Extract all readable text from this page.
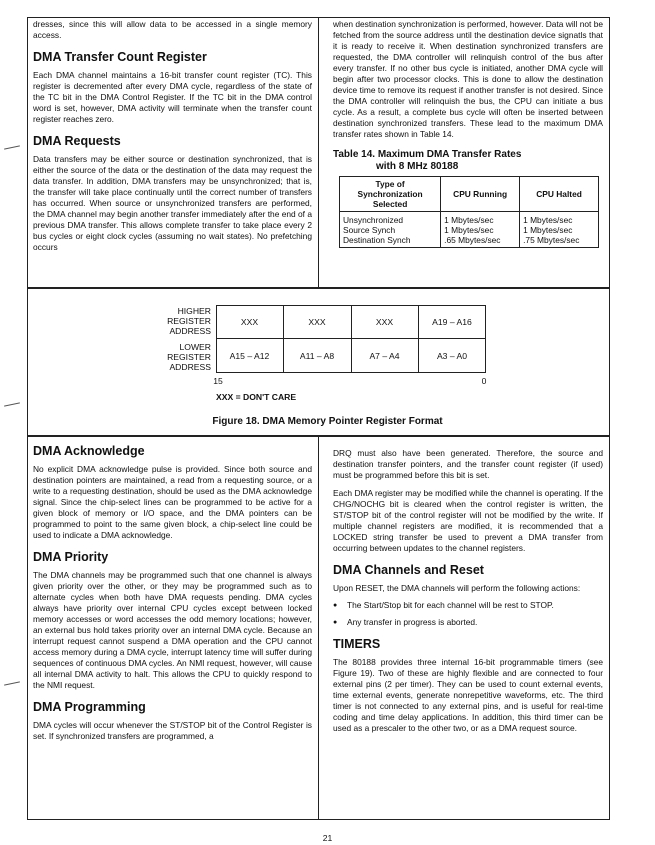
dresses, since this will allow data to be accessed in a single memory access.

DMA Transfer Count Register

Each DMA channel maintains a 16-bit transfer count register (TC). This register is decremented after every DMA cycle, regardless of the state of the TC bit in the DMA Control Register. If the TC bit in the DMA control word is set, however, DMA activity will terminate when the transfer count register reaches zero.

DMA Requests

Data transfers may be either source or destination synchronized, that is either the source of the data or the destination of the data may request the data transfer. In addition, DMA transfers may be unsynchronized; that is, the transfer will take place continually until the correct number of transfers has occurred. When source or unsynchronized transfers are performed, the DMA channel may begin another transfer immediately after the end of a previous DMA transfer. This allows complete transfer to take place every 2 bus cycles or eight clock cycles (assuming no wait states). No prefetching occurs

when destination synchronization is performed, however. Data will not be fetched from the source address until the destination device signatls that it is ready to receive it. When destination synchronized transfers are requested, the DMA controller will relinquish control of the bus after every transfer. If no other bus cycle is initiated, another DMA cycle will begin after two processor clocks. This is done to allow the destination device time to remove its request if another transfer is not desired. Since the DMA controller will relinquish the bus, the CPU can initiate a bus cycle. As a result, a complete bus cycle will often be inserted between destination synchronized transfers. These lead to the maximum DMA transfer rates shown in Table 14.

Table 14. Maximum DMA Transfer Rates
with 8 MHz 80188
Type of Synchronization Selected	CPU Running	CPU Halted
Unsynchronized	1 Mbytes/sec	1 Mbytes/sec
Source Synch	1 Mbytes/sec	1 Mbytes/sec
Destination Synch	.65 Mbytes/sec	.75 Mbytes/sec
HIGHER
REGISTER
ADDRESS
LOWER
REGISTER
ADDRESS
XXX	XXX	XXX	A19 – A16
A15 – A12	A11 – A8	A7 – A4	A3 – A0
15	0
XXX = DON'T CARE
Figure 18. DMA Memory Pointer Register Format
DMA Acknowledge

No explicit DMA acknowledge pulse is provided. Since both source and destination pointers are maintained, a read from a requesting source, or a write to a requesting destination, should be used as the DMA acknowledge signal. Since the chip-select lines can be programmed to be active for a given block of memory or I/O space, and the DMA pointers can be programmed to point to the same given block, a chip-select line could be used to indicate a DMA acknowledge.

DMA Priority

The DMA channels may be programmed such that one channel is always given priority over the other, or they may be programmed such as to alternate cycles when both have DMA requests pending. DMA cycles always have priority over internal CPU cycles except between locked memory accesses or word accesses the odd memory locations; however, an external bus hold takes priority over an internal DMA cycle. Because an interrupt request cannot suspend a DMA operation and the CPU cannot access memory during a DMA cycle, interrupt latency time will suffer during sequences of continuous DMA cycles. An NMI request, however, will cause all internal DMA activity to halt. This allows the CPU to quickly respond to the NMI request.

DMA Programming

DMA cycles will occur whenever the ST/STOP bit of the Control Register is set. If synchronized transfers are programmed, a

DRQ must also have been generated. Therefore, the source and destination transfer pointers, and the transfer count register (if used) must be programmed before this bit is set.

Each DMA register may be modified while the channel is operating. If the CHG/NOCHG bit is cleared when the control register is written, the ST/STOP bit of the control register will not be modified by the write. If multiple channel registers are modified, it is recommended that a LOCKED string transfer be used to prevent a DMA transfer from occurring between updates to the channel registers.

DMA Channels and Reset

Upon RESET, the DMA channels will perform the following actions:

● The Start/Stop bit for each channel will be rest to STOP.

● Any transfer in progress is aborted.

TIMERS

The 80188 provides three internal 16-bit programmable timers (see Figure 19). Two of these are highly flexible and are connected to four external pins (2 per timer). They can be used to count external events, time external events, generate nonrepetitive waveforms, etc. The third timer is not connected to any external pins, and is useful for real-time coding and time delay applications. In addition, this third timer can be used as a prescaler to the other two, or as a DMA request source.

21
